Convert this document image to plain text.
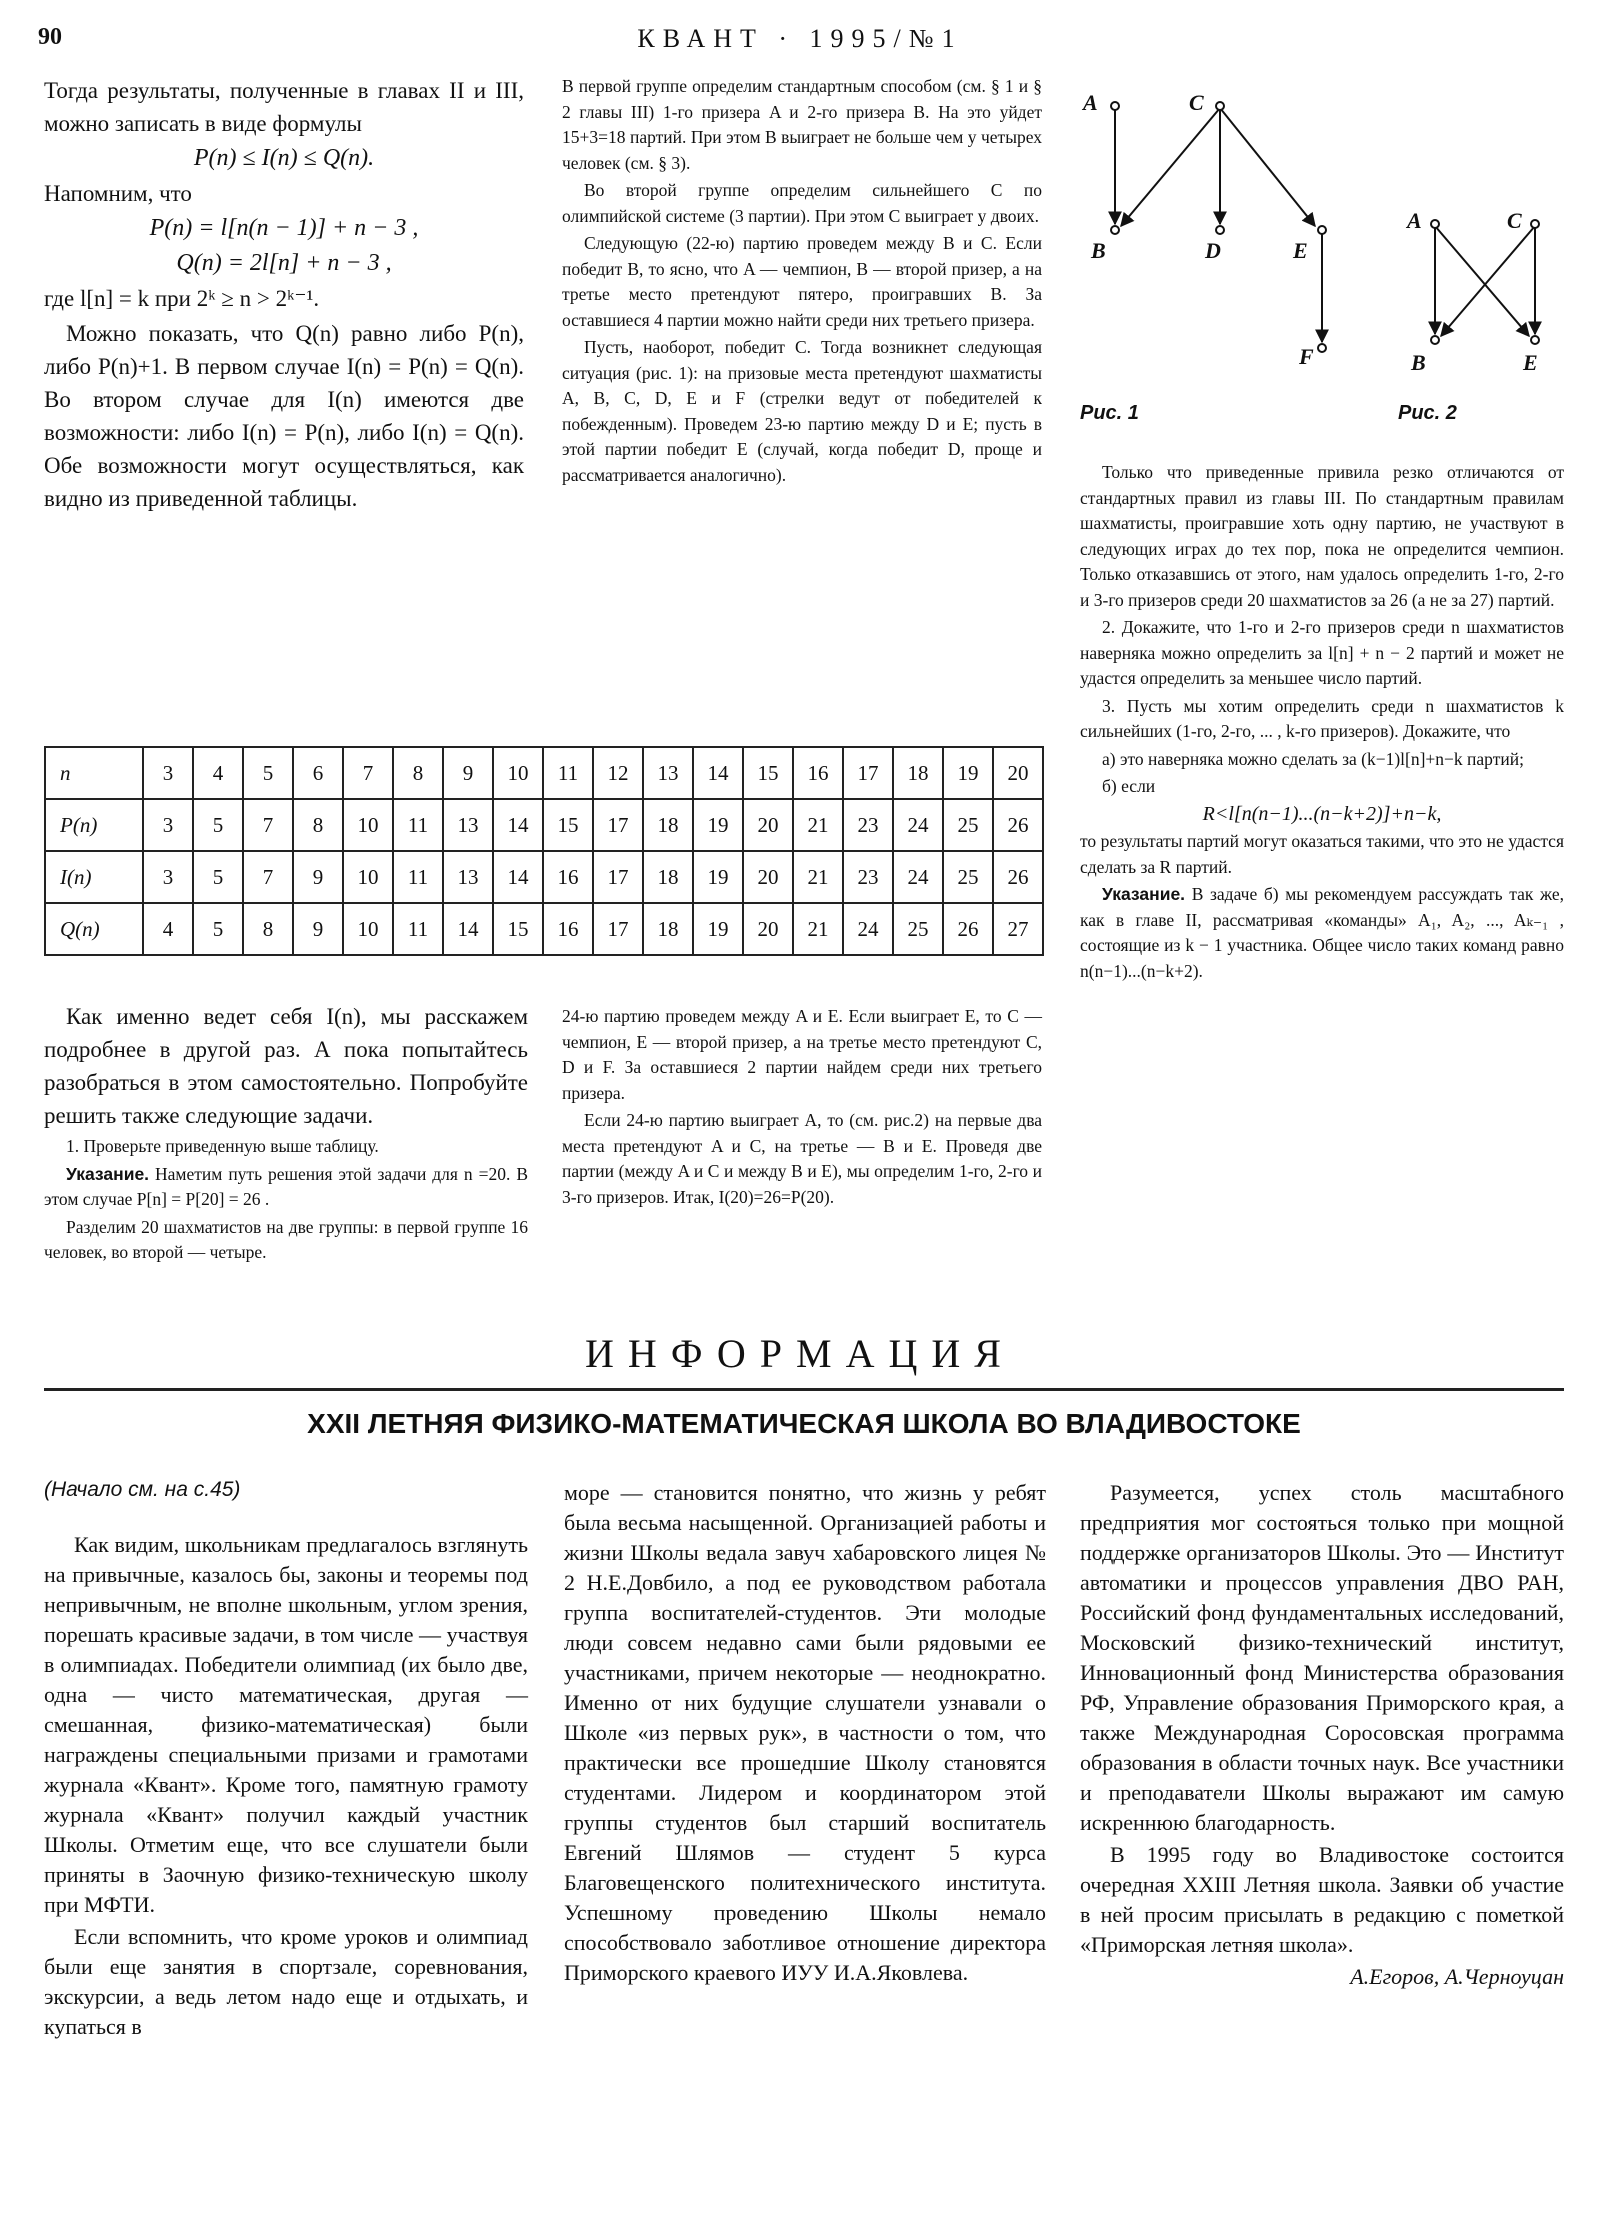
90	КВАНТ · 1995/№1

Тогда результаты, полученные в главах II и III, можно записать в виде формулы

P(n) ≤ I(n) ≤ Q(n).

Напомним, что

P(n) = l[n(n − 1)] + n − 3 ,

Q(n) = 2l[n] + n − 3 ,

где l[n] = k при 2ᵏ ≥ n > 2ᵏ⁻¹.

Можно показать, что Q(n) равно либо P(n), либо P(n)+1. В первом случае I(n) = P(n) = Q(n). Во втором случае для I(n) имеются две возможности: либо I(n) = P(n), либо I(n) = Q(n). Обе возможности могут осуществляться, как видно из приведенной таблицы.

В первой группе определим стандартным способом (см. § 1 и § 2 главы III) 1-го призера A и 2-го призера B. На это уйдет 15+3=18 партий. При этом B выиграет не больше чем у четырех человек (см. § 3).

Во второй группе определим сильнейшего C по олимпийской системе (3 партии). При этом C выиграет у двоих.

Следующую (22-ю) партию проведем между B и C. Если победит B, то ясно, что A — чемпион, B — второй призер, а на третье место претендуют пятеро, проигравших B. За оставшиеся 4 партии можно найти среди них третьего призера.

Пусть, наоборот, победит C. Тогда возникнет следующая ситуация (рис. 1): на призовые места претендуют шахматисты A, B, C, D, E и F (стрелки ведут от победителей к побежденным). Проведем 23-ю партию между D и E; пусть в этой партии победит E (случай, когда победит D, проще и рассматривается аналогично).

A	C
B	D	E
F
A	C
B	E
Рис. 1	Рис. 2

Только что приведенные привила резко отличаются от стандартных правил из главы III. По стандартным правилам шахматисты, проигравшие хоть одну партию, не участвуют в следующих играх до тех пор, пока не определится чемпион. Только отказавшись от этого, нам удалось определить 1-го, 2-го и 3-го призеров среди 20 шахматистов за 26 (а не за 27) партий.

2. Докажите, что 1-го и 2-го призеров среди n шахматистов наверняка можно определить за l[n] + n − 2 партий и может не удастся определить за меньшее число партий.

3. Пусть мы хотим определить среди n шахматистов k сильнейших (1-го, 2-го, ... , k-го призеров). Докажите, что

а) это наверняка можно сделать за (k−1)l[n]+n−k партий;

б) если

R<l[n(n−1)...(n−k+2)]+n−k,

то результаты партий могут оказаться такими, что это не удастся сделать за R партий.

Указание. В задаче б) мы рекомендуем рассуждать так же, как в главе II, рассматривая «команды» A₁, A₂, ..., Aₖ₋₁ , состоящие из k − 1 участника. Общее число таких команд равно n(n−1)...(n−k+2).

n	3	4	5	6	7	8	9	10	11	12	13	14	15	16	17	18	19	20
P(n)	3	5	7	8	10	11	13	14	15	17	18	19	20	21	23	24	25	26
I(n)	3	5	7	9	10	11	13	14	16	17	18	19	20	21	23	24	25	26
Q(n)	4	5	8	9	10	11	14	15	16	17	18	19	20	21	24	25	26	27

Как именно ведет себя I(n), мы расскажем подробнее в другой раз. А пока попытайтесь разобраться в этом самостоятельно. Попробуйте решить также следующие задачи.

1. Проверьте приведенную выше таблицу.

Указание. Наметим путь решения этой задачи для n =20. В этом случае P[n] = P[20] = 26 .

Разделим 20 шахматистов на две группы: в первой группе 16 человек, во второй — четыре.

24-ю партию проведем между A и E. Если выиграет E, то C — чемпион, E — второй призер, а на третье место претендуют C, D и F. За оставшиеся 2 партии найдем среди них третьего призера.

Если 24-ю партию выиграет A, то (см. рис.2) на первые два места претендуют A и C, на третье — B и E. Проведя две партии (между A и C и между B и E), мы определим 1-го, 2-го и 3-го призеров. Итак, I(20)=26=P(20).

ИНФОРМАЦИЯ
XXII ЛЕТНЯЯ ФИЗИКО-МАТЕМАТИЧЕСКАЯ ШКОЛА ВО ВЛАДИВОСТОКЕ
(Начало см. на с.45)

Как видим, школьникам предлагалось взглянуть на привычные, казалось бы, законы и теоремы под непривычным, не вполне школьным, углом зрения, порешать красивые задачи, в том числе — участвуя в олимпиадах. Победители олимпиад (их было две, одна — чисто математическая, другая — смешанная, физико-математическая) были награждены специальными призами и грамотами журнала «Квант». Кроме того, памятную грамоту журнала «Квант» получил каждый участник Школы. Отметим еще, что все слушатели были приняты в Заочную физико-техническую школу при МФТИ.

Если вспомнить, что кроме уроков и олимпиад были еще занятия в спортзале, соревнования, экскурсии, а ведь летом надо еще и отдыхать, и купаться в

море — становится понятно, что жизнь у ребят была весьма насыщенной. Организацией работы и жизни Школы ведала завуч хабаровского лицея № 2 Н.Е.Довбило, а под ее руководством работала группа воспитателей-студентов. Эти молодые люди совсем недавно сами были рядовыми ее участниками, причем некоторые — неоднократно. Именно от них будущие слушатели узнавали о Школе «из первых рук», в частности о том, что практически все прошедшие Школу становятся студентами. Лидером и координатором этой группы студентов был старший воспитатель Евгений Шлямов — студент 5 курса Благовещенского политехнического института. Успешному проведению Школы немало способствовало заботливое отношение директора Приморского краевого ИУУ И.А.Яковлева.

Разумеется, успех столь масштабного предприятия мог состояться только при мощной поддержке организаторов Школы. Это — Институт автоматики и процессов управления ДВО РАН, Российский фонд фундаментальных исследований, Московский физико-технический институт, Инновационный фонд Министерства образования РФ, Управление образования Приморского края, а также Международная Соросовская программа образования в области точных наук. Все участники и преподаватели Школы выражают им самую искреннюю благодарность.

В 1995 году во Владивостоке состоится очередная XXIII Летняя школа. Заявки об участие в ней просим присылать в редакцию с пометкой «Приморская летняя школа».

А.Егоров, А.Черноуцан
